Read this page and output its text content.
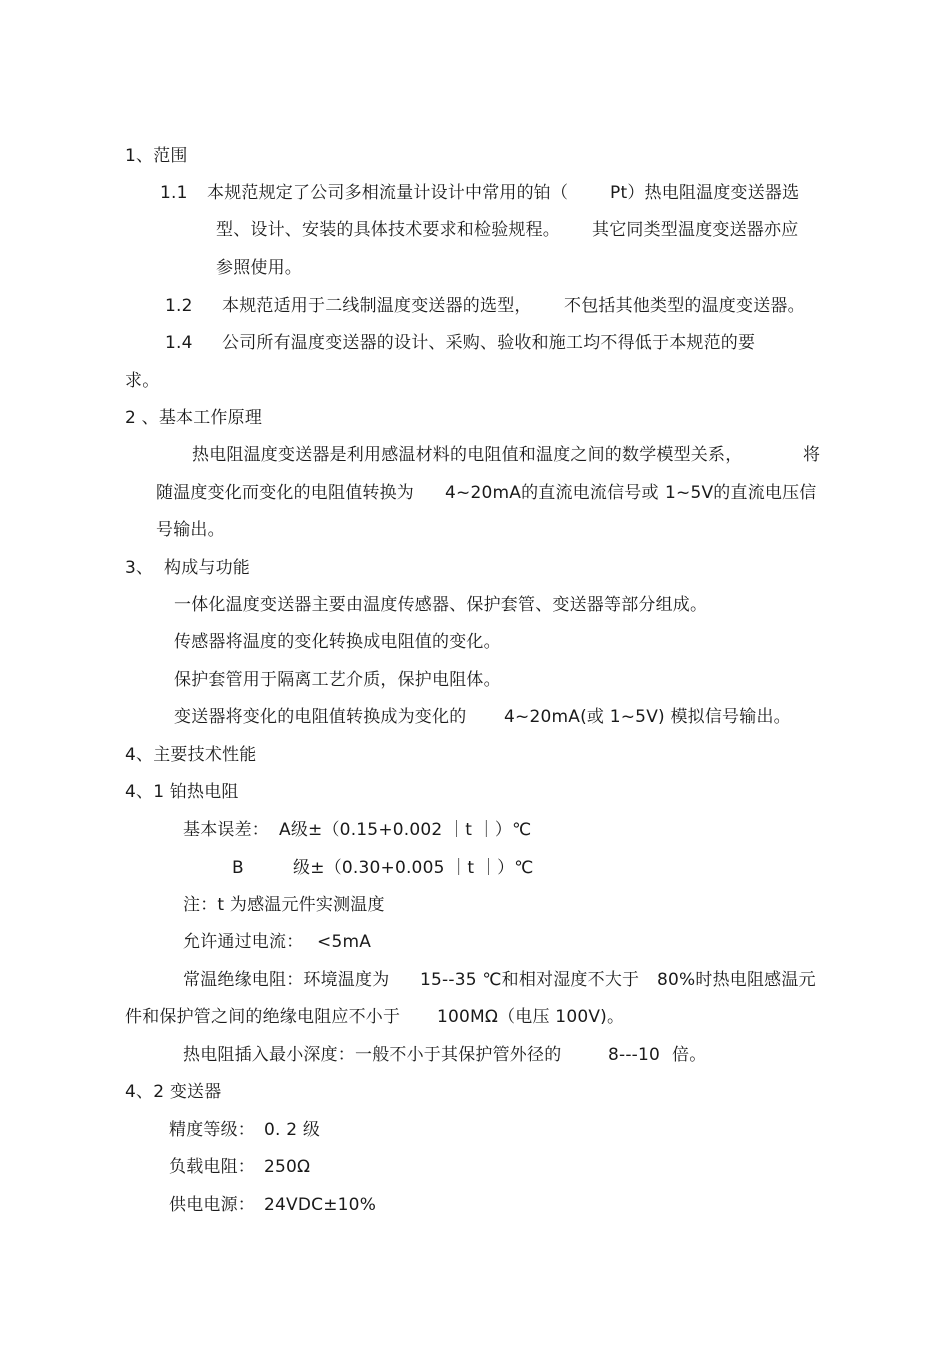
1、范围
1.1 本规范规定了公司多相流量计设计中常用的铂（ Pt）热电阻温度变送器选
型、设计、安装的具体技术要求和检验规程。 其它同类型温度变送器亦应
参照使用。
1.2 本规范适用于二线制温度变送器的选型， 不包括其他类型的温度变送器。
1.4 公司所有温度变送器的设计、采购、验收和施工均不得低于本规范的要
求。
2 、基本工作原理
热电阻温度变送器是利用感温材料的电阻值和温度之间的数学模型关系，	将
随温度变化而变化的电阻值转换为 4~20mA的直流电流信号或 1~5V的直流电压信
号输出。
3、 构成与功能
一体化温度变送器主要由温度传感器、保护套管、变送器等部分组成。
传感器将温度的变化转换成电阻值的变化。
保护套管用于隔离工艺介质，保护电阻体。
变送器将变化的电阻值转换成为变化的 4~20mA(或 1~5V) 模拟信号输出。
4、主要技术性能
4、1 铂热电阻
基本误差： A级±（0.15+0.002 ｜t ｜）℃
B	级±（0.30+0.005 ｜t ｜）℃
注：t 为感温元件实测温度
允许通过电流： <5mA
常温绝缘电阻：环境温度为 15--35 ℃和相对湿度不大于 80%时热电阻感温元
件和保护管之间的绝缘电阻应不小于 100MΩ（电压 100V)。
热电阻插入最小深度：一般不小于其保护管外径的	8---10 倍。
4、2 变送器
精度等级： 0. 2 级
负载电阻： 250Ω
供电电源： 24VDC±10%
